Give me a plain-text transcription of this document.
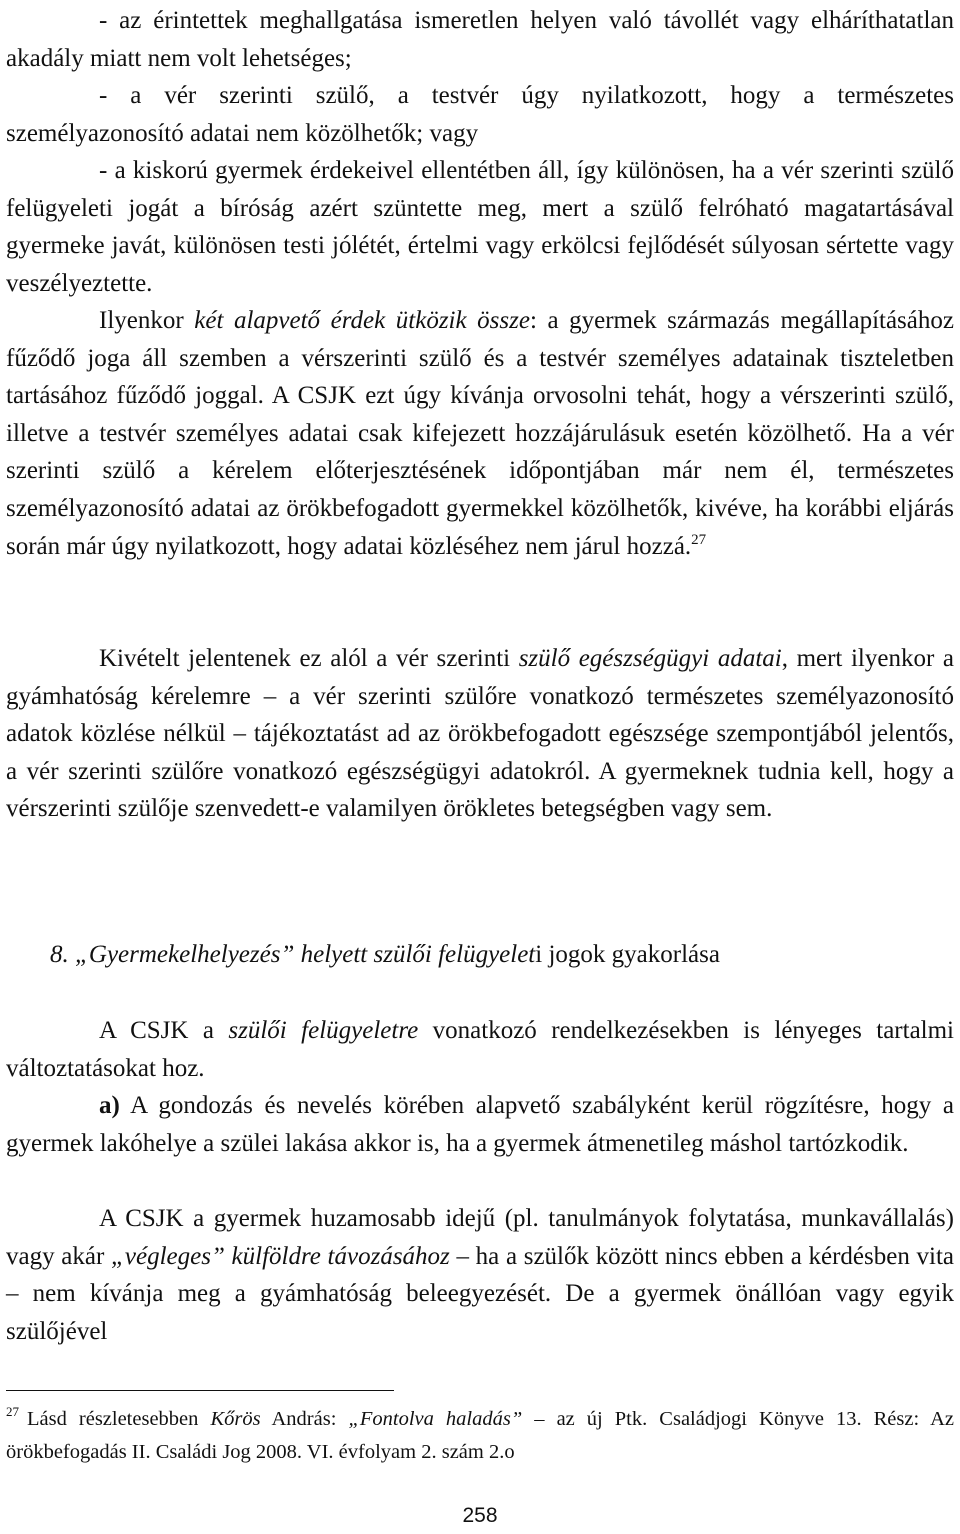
- az érintettek meghallgatása ismeretlen helyen való távollét vagy elháríthatatlan akadály miatt nem volt lehetséges;

- a vér szerinti szülő, a testvér úgy nyilatkozott, hogy a természetes személyazonosító adatai nem közölhetők; vagy

- a kiskorú gyermek érdekeivel ellentétben áll, így különösen, ha a vér szerinti szülő felügyeleti jogát a bíróság azért szüntette meg, mert a szülő felróható magatartásával gyermeke javát, különösen testi jólétét, értelmi vagy erkölcsi fejlődését súlyosan sértette vagy veszélyeztette.

Ilyenkor két alapvető érdek ütközik össze: a gyermek származás megállapításához fűződő joga áll szemben a vérszerinti szülő és a testvér személyes adatainak tiszteletben tartásához fűződő joggal. A CSJK ezt úgy kívánja orvosolni tehát, hogy a vérszerinti szülő, illetve a testvér személyes adatai csak kifejezett hozzájárulásuk esetén közölhető. Ha a vér szerinti szülő a kérelem előterjesztésének időpontjában már nem él, természetes személyazonosító adatai az örökbefogadott gyermekkel közölhetők, kivéve, ha korábbi eljárás során már úgy nyilatkozott, hogy adatai közléséhez nem járul hozzá.$^{27}$

Kivételt jelentenek ez alól a vér szerinti szülő egészségügyi adatai, mert ilyenkor a gyámhatóság kérelemre – a vér szerinti szülőre vonatkozó természetes személyazonosító adatok közlése nélkül – tájékoztatást ad az örökbefogadott egészsége szempontjából jelentős, a vér szerinti szülőre vonatkozó egészségügyi adatokról. A gyermeknek tudnia kell, hogy a vérszerinti szülője szenvedett-e valamilyen örökletes betegségben vagy sem.

8. „Gyermekelhelyezés” helyett szülői felügyeleti jogok gyakorlása

A CSJK a szülői felügyeletre vonatkozó rendelkezésekben is lényeges tartalmi változtatásokat hoz.

a) A gondozás és nevelés körében alapvető szabályként kerül rögzítésre, hogy a gyermek lakóhelye a szülei lakása akkor is, ha a gyermek átmenetileg máshol tartózkodik.

A CSJK a gyermek huzamosabb idejű (pl. tanulmányok folytatása, munkavállalás) vagy akár „végleges” külföldre távozásához – ha a szülők között nincs ebben a kérdésben vita – nem kívánja meg a gyámhatóság beleegyezését. De a gyermek önállóan vagy egyik szülőjével

$^{27}$ Lásd részletesebben Kőrös András: „Fontolva haladás” – az új Ptk. Családjogi Könyve 13. Rész: Az örökbefogadás II. Családi Jog 2008. VI. évfolyam 2. szám 2.o

258
